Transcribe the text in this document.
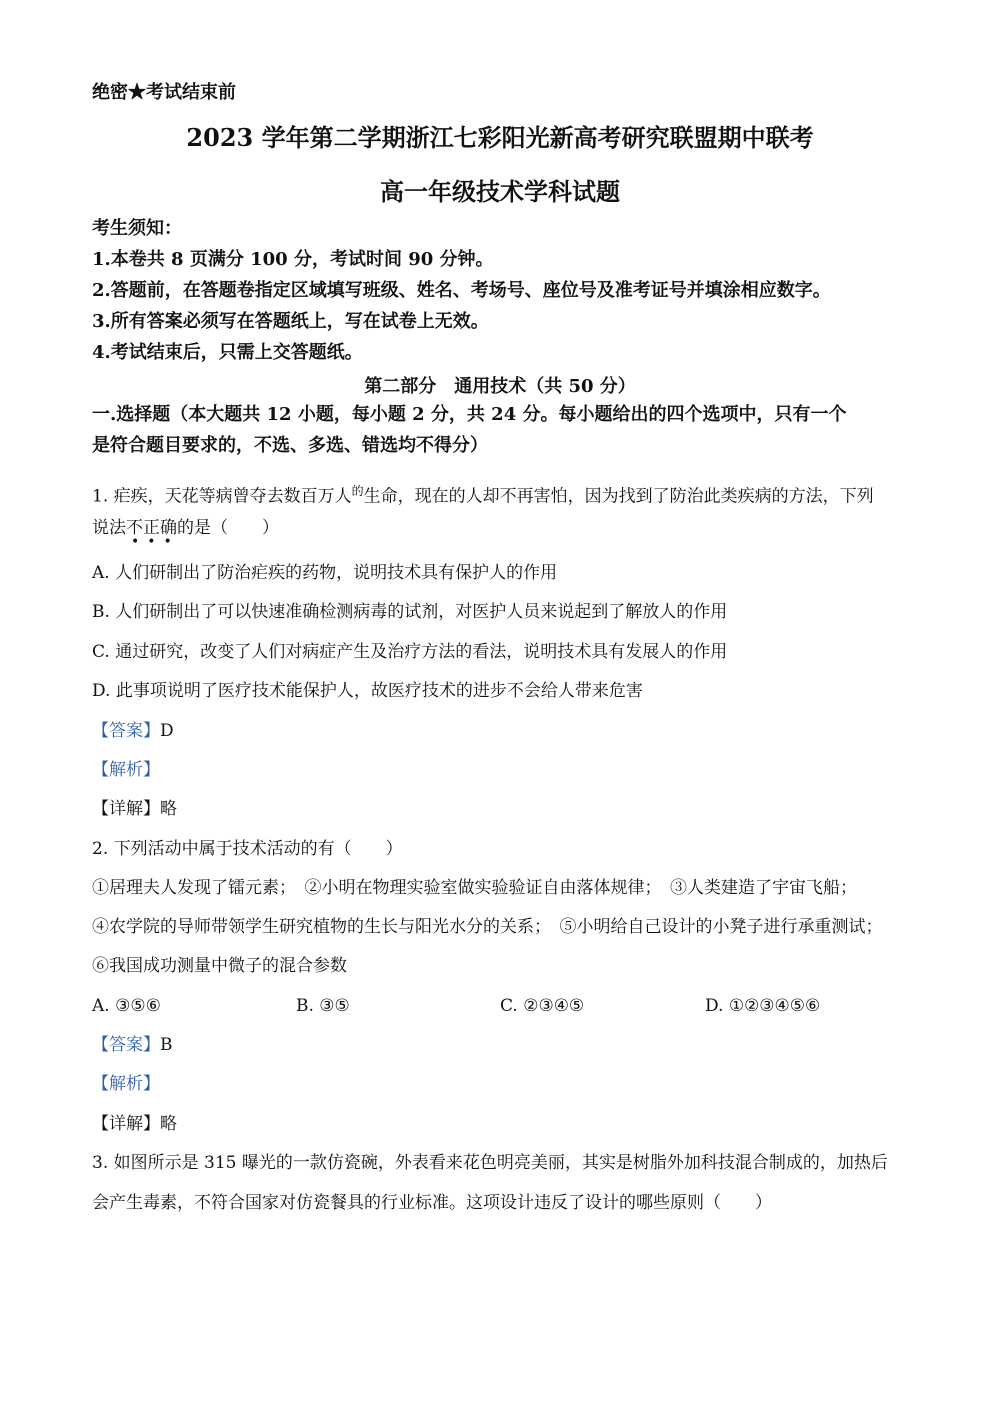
绝密★考试结束前
2023 学年第二学期浙江七彩阳光新高考研究联盟期中联考
高一年级技术学科试题
考生须知：
1.本卷共 8 页满分 100 分，考试时间 90 分钟。
2.答题前，在答题卷指定区域填写班级、姓名、考场号、座位号及准考证号并填涂相应数字。
3.所有答案必须写在答题纸上，写在试卷上无效。
4.考试结束后，只需上交答题纸。
第二部分　通用技术（共 50 分）
一.选择题（本大题共 12 小题，每小题 2 分，共 24 分。每小题给出的四个选项中，只有一个
是符合题目要求的，不选、多选、错选均不得分）
1. 疟疾，天花等病曾夺去数百万人$^的$生命，现在的人却不再害怕，因为找到了防治此类疾病的方法，下列
说法不正确的是（　　）
•••
A. 人们研制出了防治疟疾的药物，说明技术具有保护人的作用
B. 人们研制出了可以快速准确检测病毒的试剂，对医护人员来说起到了解放人的作用
C. 通过研究，改变了人们对病症产生及治疗方法的看法，说明技术具有发展人的作用
D. 此事项说明了医疗技术能保护人，故医疗技术的进步不会给人带来危害
【答案】D
【解析】
【详解】略
2. 下列活动中属于技术活动的有（　　）
①居理夫人发现了镭元素；　②小明在物理实验室做实验验证自由落体规律；　③人类建造了宇宙飞船；
④农学院的导师带领学生研究植物的生长与阳光水分的关系；　⑤小明给自己设计的小凳子进行承重测试；
⑥我国成功测量中微子的混合参数
A. ③⑤⑥	B. ③⑤	C. ②③④⑤	D. ①②③④⑤⑥
【答案】B
【解析】
【详解】略
3. 如图所示是 315 曝光的一款仿瓷碗，外表看来花色明亮美丽，其实是树脂外加科技混合制成的，加热后
会产生毒素，不符合国家对仿瓷餐具的行业标准。这项设计违反了设计的哪些原则（　　）
